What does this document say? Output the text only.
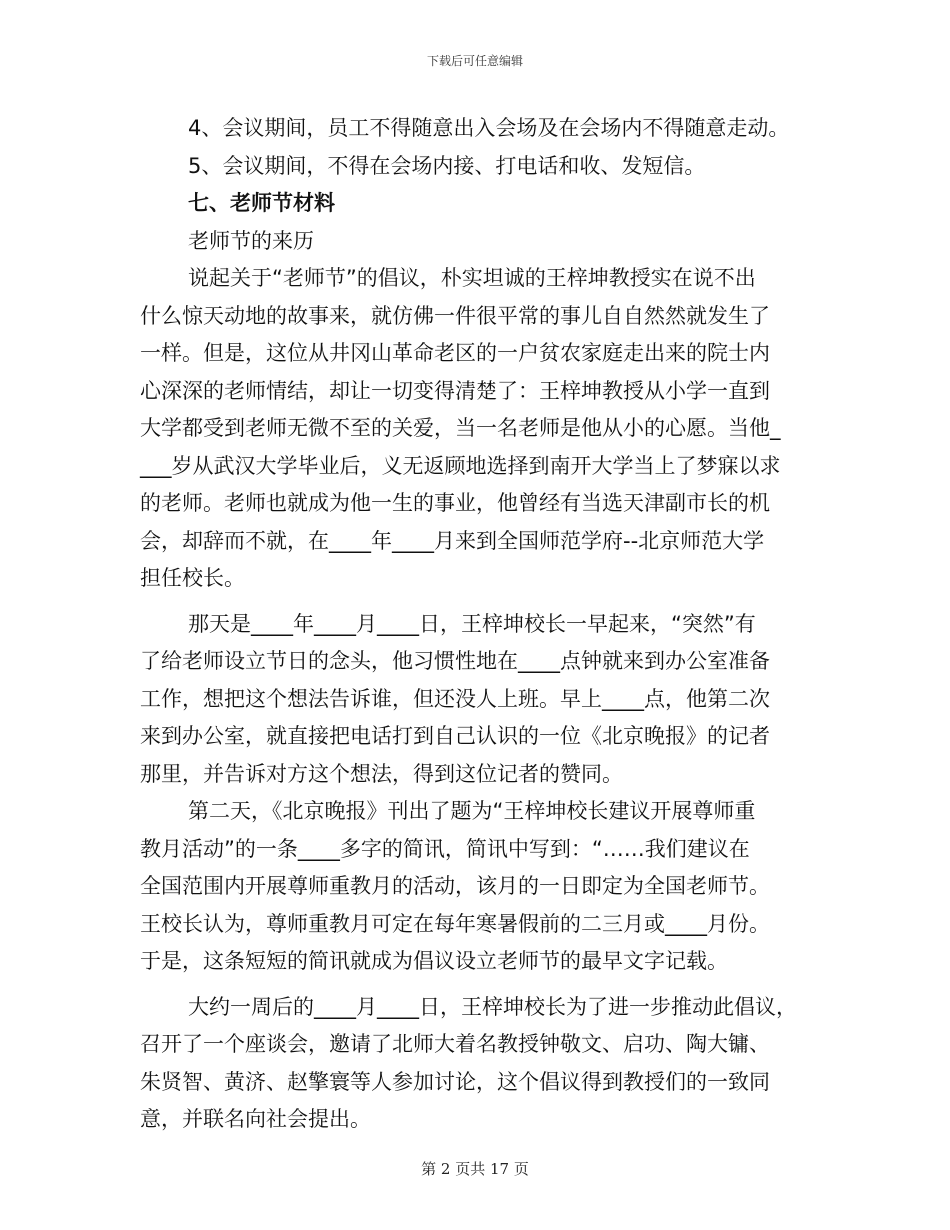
下载后可任意编辑
4、会议期间，员工不得随意出入会场及在会场内不得随意走动。
5、会议期间，不得在会场内接、打电话和收、发短信。
七、老师节材料
老师节的来历
说起关于“老师节”的倡议，朴实坦诚的王梓坤教授实在说不出
什么惊天动地的故事来，就仿佛一件很平常的事儿自自然然就发生了
一样。但是，这位从井冈山革命老区的一户贫农家庭走出来的院士内
心深深的老师情结，却让一切变得清楚了：王梓坤教授从小学一直到
大学都受到老师无微不至的关爱，当一名老师是他从小的心愿。当他_
___岁从武汉大学毕业后，义无返顾地选择到南开大学当上了梦寐以求
的老师。老师也就成为他一生的事业，他曾经有当选天津副市长的机
会，却辞而不就，在____年____月来到全国师范学府--北京师范大学
担任校长。
那天是____年____月____日，王梓坤校长一早起来，“突然”有
了给老师设立节日的念头，他习惯性地在____点钟就来到办公室准备
工作，想把这个想法告诉谁，但还没人上班。早上____点，他第二次
来到办公室，就直接把电话打到自己认识的一位《北京晚报》的记者
那里，并告诉对方这个想法，得到这位记者的赞同。
第二天，《北京晚报》刊出了题为“王梓坤校长建议开展尊师重
教月活动”的一条____多字的简讯，简讯中写到：“……我们建议在
全国范围内开展尊师重教月的活动，该月的一日即定为全国老师节。
王校长认为，尊师重教月可定在每年寒暑假前的二三月或____月份。
于是，这条短短的简讯就成为倡议设立老师节的最早文字记载。
大约一周后的____月____日，王梓坤校长为了进一步推动此倡议，
召开了一个座谈会，邀请了北师大着名教授钟敬文、启功、陶大镛、
朱贤智、黄济、赵擎寰等人参加讨论，这个倡议得到教授们的一致同
意，并联名向社会提出。
第 2 页共 17 页
